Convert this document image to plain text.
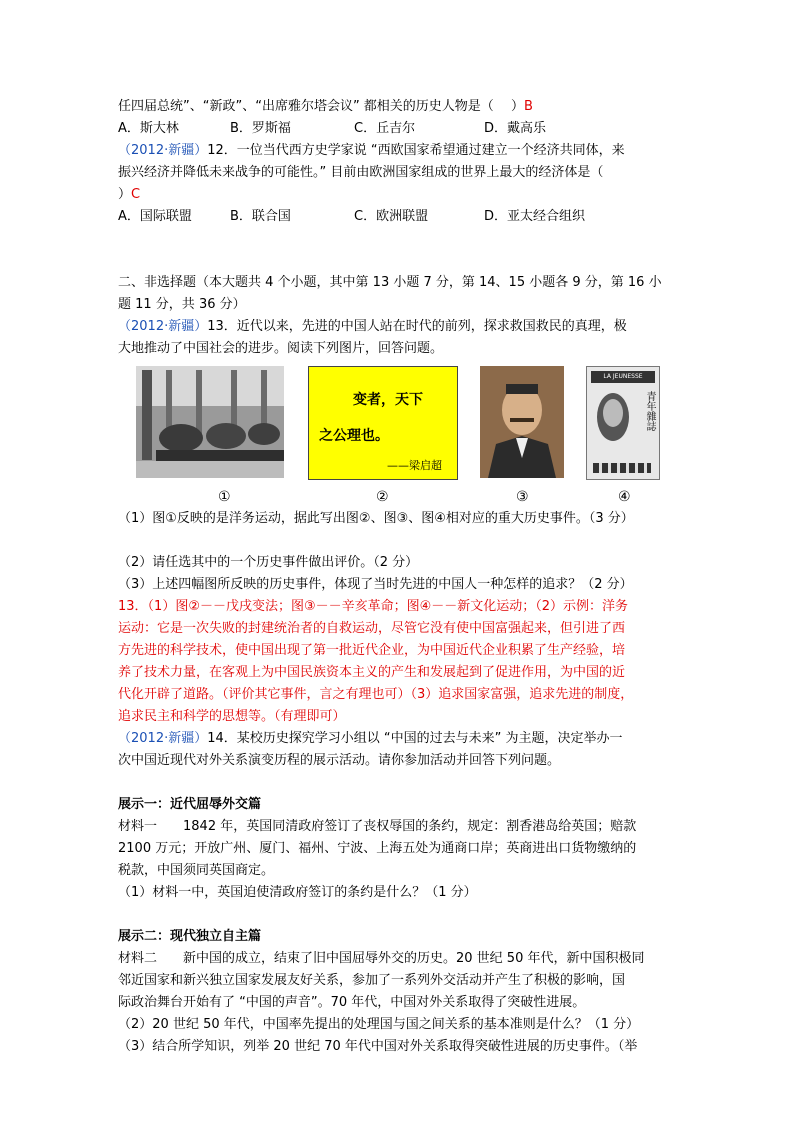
任四届总统”、“新政”、“出席雅尔塔会议” 都相关的历史人物是（　 ）B
A．斯大林	B．罗斯福	C．丘吉尔	D．戴高乐
（2012·新疆）12．一位当代西方史学家说 “西欧国家希望通过建立一个经济共同体，来
振兴经济并降低未来战争的可能性。” 目前由欧洲国家组成的世界上最大的经济体是（
）C
A．国际联盟	B．联合国	C．欧洲联盟	D．亚太经合组织
二、非选择题（本大题共 4 个小题，其中第 13 小题 7 分，第 14、15 小题各 9 分，第 16 小
题 11 分，共 36 分）
（2012·新疆）13．近代以来，先进的中国人站在时代的前列，探求救国救民的真理，极
大地推动了中国社会的进步。阅读下列图片，回答问题。
变者，天下
之公理也。
——梁启超
LA JEUNESSE
青年雜誌
①	②	③	④
（1）图①反映的是洋务运动，据此写出图②、图③、图④相对应的重大历史事件。（3 分）
（2）请任选其中的一个历史事件做出评价。（2 分）
（3）上述四幅图所反映的历史事件，体现了当时先进的中国人一种怎样的追求？（2 分）
13．（1）图②－－戊戌变法；图③－－辛亥革命；图④－－新文化运动；（2）示例：洋务
运动：它是一次失败的封建统治者的自救运动，尽管它没有使中国富强起来，但引进了西
方先进的科学技术，使中国出现了第一批近代企业，为中国近代企业积累了生产经验，培
养了技术力量，在客观上为中国民族资本主义的产生和发展起到了促进作用，为中国的近
代化开辟了道路。（评价其它事件，言之有理也可）（3）追求国家富强，追求先进的制度，
追求民主和科学的思想等。（有理即可）
（2012·新疆）14．某校历史探究学习小组以 “中国的过去与未来” 为主题，决定举办一
次中国近现代对外关系演变历程的展示活动。请你参加活动并回答下列问题。
展示一：近代屈辱外交篇
材料一　　1842 年，英国同清政府签订了丧权辱国的条约，规定：割香港岛给英国；赔款
2100 万元；开放广州、厦门、福州、宁波、上海五处为通商口岸；英商进出口货物缴纳的
税款，中国须同英国商定。
（1）材料一中，英国迫使清政府签订的条约是什么？（1 分）
展示二：现代独立自主篇
材料二　　新中国的成立，结束了旧中国屈辱外交的历史。20 世纪 50 年代，新中国积极同
邻近国家和新兴独立国家发展友好关系，参加了一系列外交活动并产生了积极的影响，国
际政治舞台开始有了 “中国的声音”。70 年代，中国对外关系取得了突破性进展。
（2）20 世纪 50 年代，中国率先提出的处理国与国之间关系的基本准则是什么？（1 分）
（3）结合所学知识，列举 20 世纪 70 年代中国对外关系取得突破性进展的历史事件。（举
